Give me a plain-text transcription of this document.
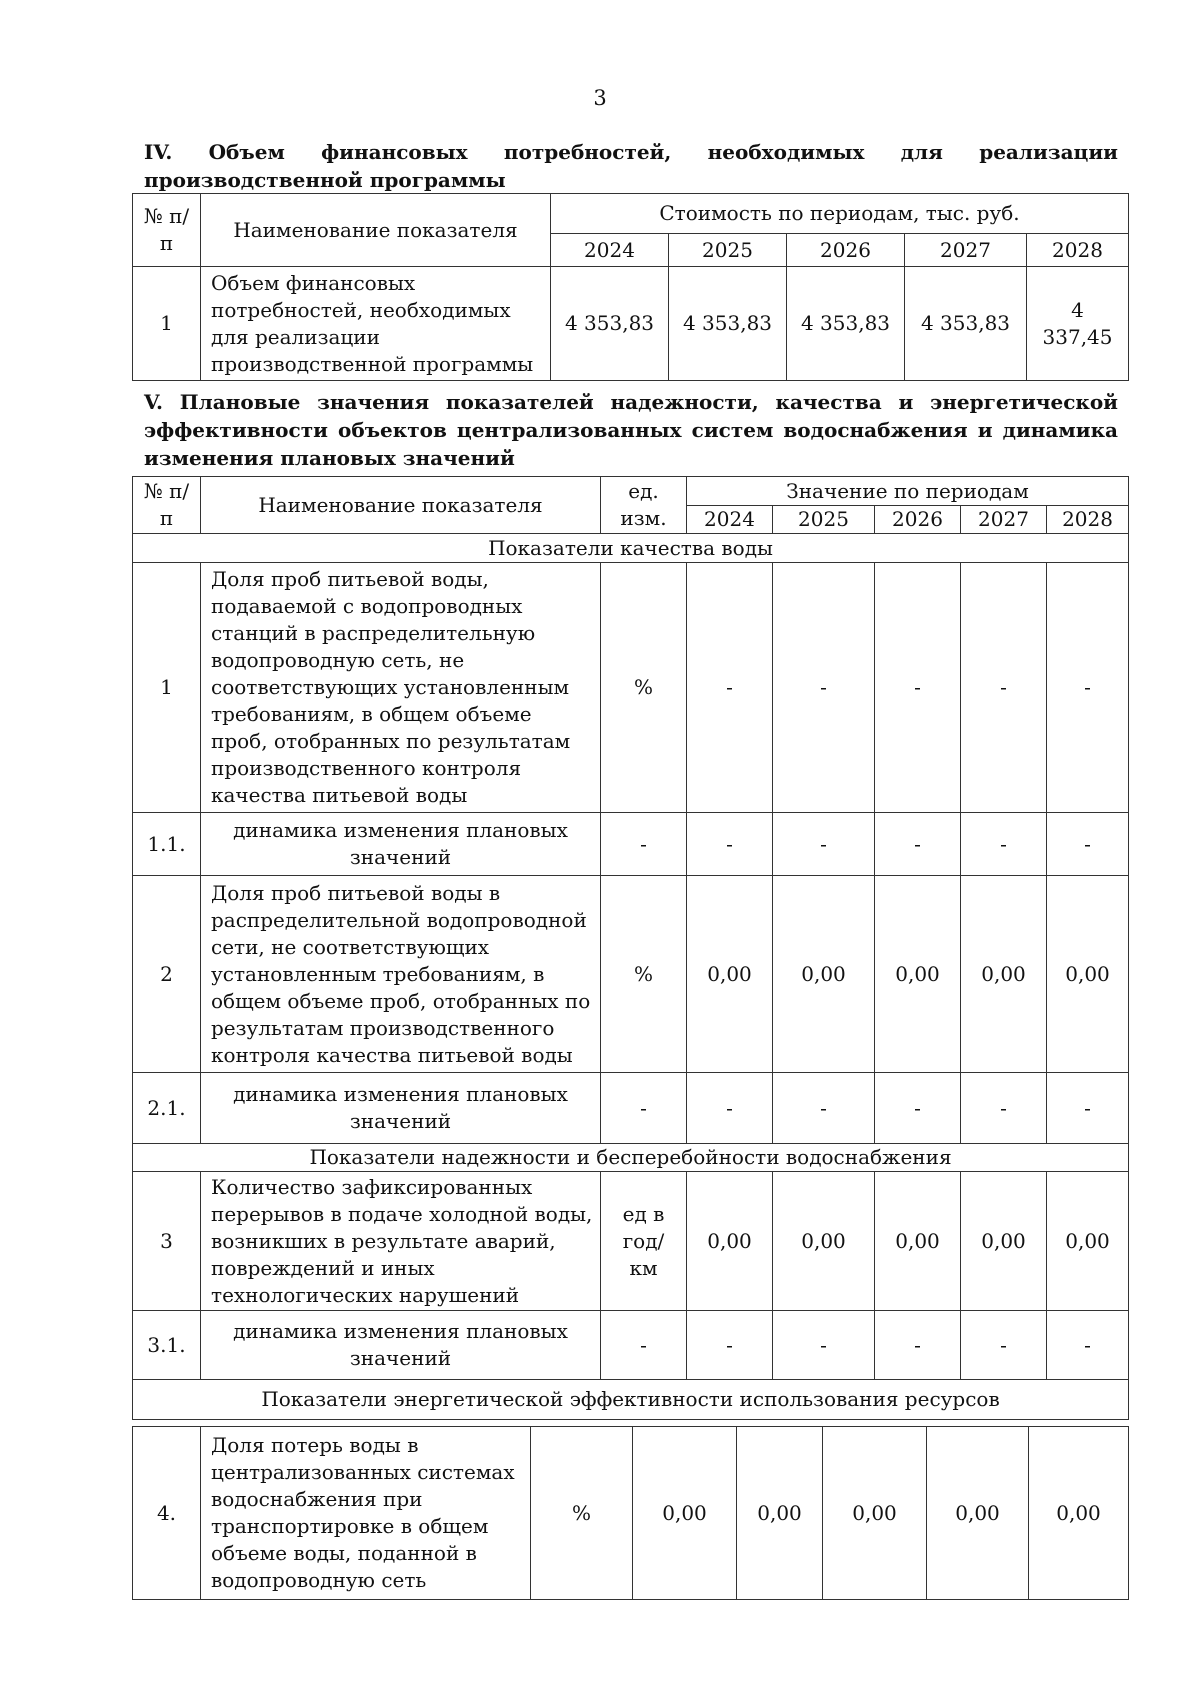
3
IV. Объем финансовых потребностей, необходимых для реализации производственной программы
№ п/п	Наименование показателя	Стоимость по периодам, тыс. руб.				
		2024	2025	2026	2027	2028
1	Объем финансовых потребностей, необходимых для реализации производственной программы	4 353,83	4 353,83	4 353,83	4 353,83	4 337,45
V. Плановые значения показателей надежности, качества и энергетической эффективности объектов централизованных систем водоснабжения и динамика изменения плановых значений
№ п/п	Наименование показателя	ед. изм.	Значение по периодам				
			2024	2025	2026	2027	2028
Показатели качества воды							
1	Доля проб питьевой воды, подаваемой с водопроводных станций в распределительную водопроводную сеть, не соответствующих установленным требованиям, в общем объеме проб, отобранных по результатам производственного контроля качества питьевой воды	%	-	-	-	-	-
1.1.	динамика изменения плановых значений	-	-	-	-	-	-
2	Доля проб питьевой воды в распределительной водопроводной сети, не соответствующих установленным требованиям, в общем объеме проб, отобранных по результатам производственного контроля качества питьевой воды	%	0,00	0,00	0,00	0,00	0,00
2.1.	динамика изменения плановых значений	-	-	-	-	-	-
Показатели надежности и бесперебойности водоснабжения							
3	Количество зафиксированных перерывов в подаче холодной воды, возникших в результате аварий, повреждений и иных технологических нарушений	ед в год/ км	0,00	0,00	0,00	0,00	0,00
3.1.	динамика изменения плановых значений	-	-	-	-	-	-
Показатели энергетической эффективности использования ресурсов							
4.	Доля потерь воды в централизованных системах водоснабжения при транспортировке в общем объеме воды, поданной в водопроводную сеть	%	0,00	0,00	0,00	0,00	0,00
